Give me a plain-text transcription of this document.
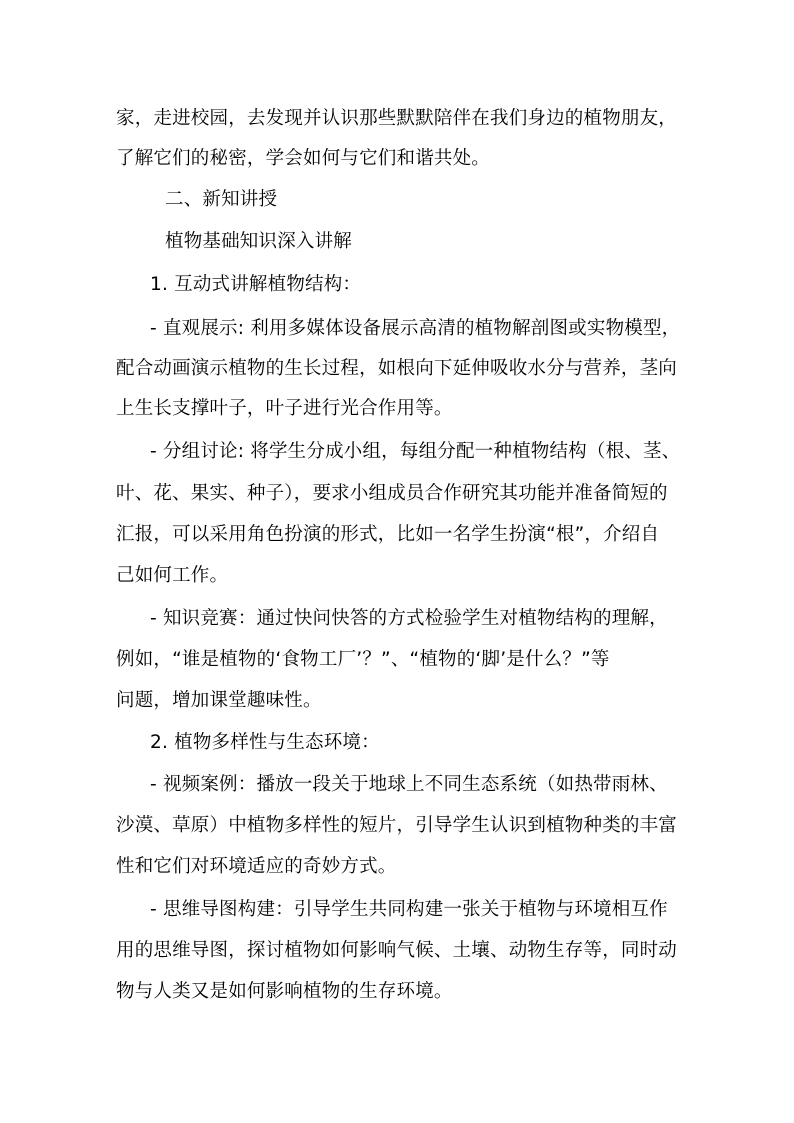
家，走进校园，去发现并认识那些默默陪伴在我们身边的植物朋友，
了解它们的秘密，学会如何与它们和谐共处。
二、新知讲授
植物基础知识深入讲解
1. 互动式讲解植物结构：
- 直观展示: 利用多媒体设备展示高清的植物解剖图或实物模型，
配合动画演示植物的生长过程，如根向下延伸吸收水分与营养，茎向
上生长支撑叶子，叶子进行光合作用等。
- 分组讨论: 将学生分成小组，每组分配一种植物结构（根、茎、
叶、花、果实、种子），要求小组成员合作研究其功能并准备简短的
汇报，可以采用角色扮演的形式，比如一名学生扮演“根”，介绍自
己如何工作。
- 知识竞赛：通过快问快答的方式检验学生对植物结构的理解，
例如，“谁是植物的‘食物工厂’？”、“植物的‘脚’是什么？”等
问题，增加课堂趣味性。
2. 植物多样性与生态环境：
- 视频案例：播放一段关于地球上不同生态系统（如热带雨林、
沙漠、草原）中植物多样性的短片，引导学生认识到植物种类的丰富
性和它们对环境适应的奇妙方式。
- 思维导图构建：引导学生共同构建一张关于植物与环境相互作
用的思维导图，探讨植物如何影响气候、土壤、动物生存等，同时动
物与人类又是如何影响植物的生存环境。
